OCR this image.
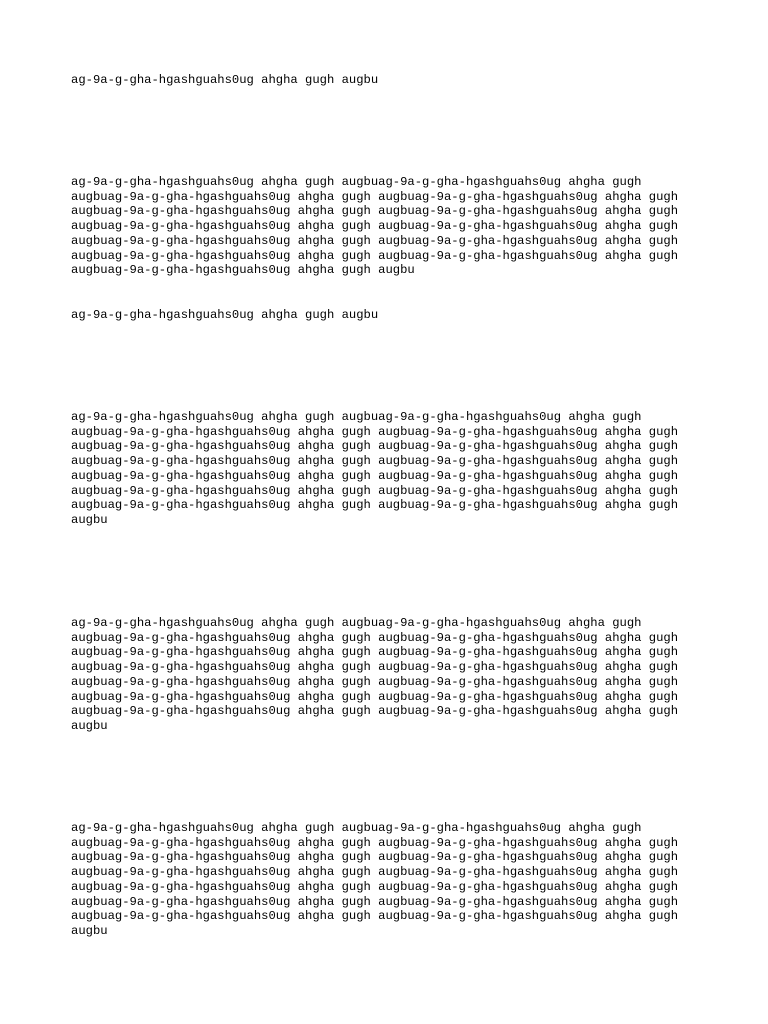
ag-9a-g-gha-hgashguahs0ug ahgha gugh augbu

ag-9a-g-gha-hgashguahs0ug ahgha gugh augbuag-9a-g-gha-hgashguahs0ug ahgha gugh
augbuag-9a-g-gha-hgashguahs0ug ahgha gugh augbuag-9a-g-gha-hgashguahs0ug ahgha gugh
augbuag-9a-g-gha-hgashguahs0ug ahgha gugh augbuag-9a-g-gha-hgashguahs0ug ahgha gugh
augbuag-9a-g-gha-hgashguahs0ug ahgha gugh augbuag-9a-g-gha-hgashguahs0ug ahgha gugh
augbuag-9a-g-gha-hgashguahs0ug ahgha gugh augbuag-9a-g-gha-hgashguahs0ug ahgha gugh
augbuag-9a-g-gha-hgashguahs0ug ahgha gugh augbuag-9a-g-gha-hgashguahs0ug ahgha gugh
augbuag-9a-g-gha-hgashguahs0ug ahgha gugh augbu

ag-9a-g-gha-hgashguahs0ug ahgha gugh augbu

ag-9a-g-gha-hgashguahs0ug ahgha gugh augbuag-9a-g-gha-hgashguahs0ug ahgha gugh
augbuag-9a-g-gha-hgashguahs0ug ahgha gugh augbuag-9a-g-gha-hgashguahs0ug ahgha gugh
augbuag-9a-g-gha-hgashguahs0ug ahgha gugh augbuag-9a-g-gha-hgashguahs0ug ahgha gugh
augbuag-9a-g-gha-hgashguahs0ug ahgha gugh augbuag-9a-g-gha-hgashguahs0ug ahgha gugh
augbuag-9a-g-gha-hgashguahs0ug ahgha gugh augbuag-9a-g-gha-hgashguahs0ug ahgha gugh
augbuag-9a-g-gha-hgashguahs0ug ahgha gugh augbuag-9a-g-gha-hgashguahs0ug ahgha gugh
augbuag-9a-g-gha-hgashguahs0ug ahgha gugh augbuag-9a-g-gha-hgashguahs0ug ahgha gugh
augbu

ag-9a-g-gha-hgashguahs0ug ahgha gugh augbuag-9a-g-gha-hgashguahs0ug ahgha gugh
augbuag-9a-g-gha-hgashguahs0ug ahgha gugh augbuag-9a-g-gha-hgashguahs0ug ahgha gugh
augbuag-9a-g-gha-hgashguahs0ug ahgha gugh augbuag-9a-g-gha-hgashguahs0ug ahgha gugh
augbuag-9a-g-gha-hgashguahs0ug ahgha gugh augbuag-9a-g-gha-hgashguahs0ug ahgha gugh
augbuag-9a-g-gha-hgashguahs0ug ahgha gugh augbuag-9a-g-gha-hgashguahs0ug ahgha gugh
augbuag-9a-g-gha-hgashguahs0ug ahgha gugh augbuag-9a-g-gha-hgashguahs0ug ahgha gugh
augbuag-9a-g-gha-hgashguahs0ug ahgha gugh augbuag-9a-g-gha-hgashguahs0ug ahgha gugh
augbu

ag-9a-g-gha-hgashguahs0ug ahgha gugh augbuag-9a-g-gha-hgashguahs0ug ahgha gugh
augbuag-9a-g-gha-hgashguahs0ug ahgha gugh augbuag-9a-g-gha-hgashguahs0ug ahgha gugh
augbuag-9a-g-gha-hgashguahs0ug ahgha gugh augbuag-9a-g-gha-hgashguahs0ug ahgha gugh
augbuag-9a-g-gha-hgashguahs0ug ahgha gugh augbuag-9a-g-gha-hgashguahs0ug ahgha gugh
augbuag-9a-g-gha-hgashguahs0ug ahgha gugh augbuag-9a-g-gha-hgashguahs0ug ahgha gugh
augbuag-9a-g-gha-hgashguahs0ug ahgha gugh augbuag-9a-g-gha-hgashguahs0ug ahgha gugh
augbuag-9a-g-gha-hgashguahs0ug ahgha gugh augbuag-9a-g-gha-hgashguahs0ug ahgha gugh
augbu
